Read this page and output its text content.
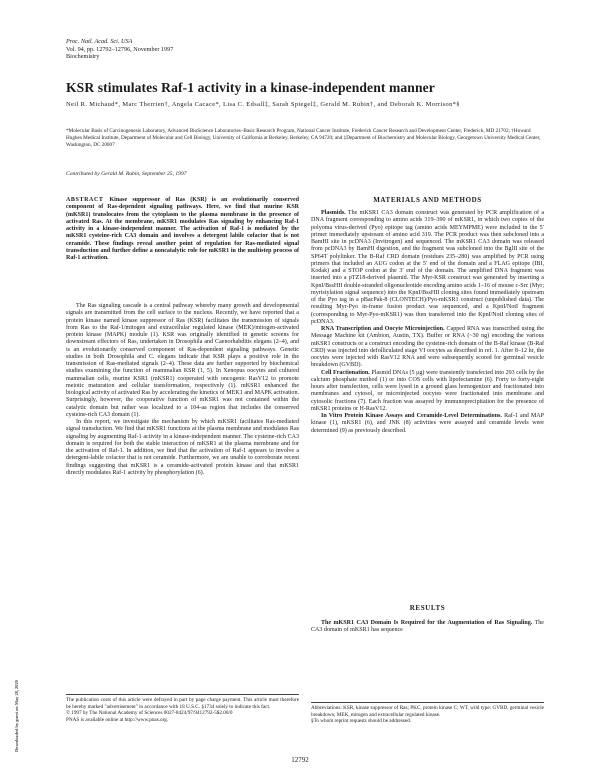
Proc. Natl. Acad. Sci. USA
Vol. 94, pp. 12792–12796, November 1997
Biochemistry
KSR stimulates Raf-1 activity in a kinase-independent manner
Neil R. Michaud*, Marc Therrien†, Angela Cacace*, Lisa C. Edsall‡, Sarah Spiegel‡, Gerald M. Rubin†, and Deborah K. Morrison*§
*Molecular Basis of Carcinogenesis Laboratory, Advanced BioScience Laboratories–Basic Research Program, National Cancer Institute, Frederick Cancer Research and Development Center, Frederick, MD 21702; †Howard Hughes Medical Institute, Department of Molecular and Cell Biology, University of California at Berkeley, Berkeley, CA 94720; and ‡Department of Biochemistry and Molecular Biology, Georgetown University Medical Center, Washington, DC 20007
Contributed by Gerald M. Rubin, September 25, 1997
ABSTRACT Kinase suppressor of Ras (KSR) is an evolutionarily conserved component of Ras-dependent signaling pathways. Here, we find that murine KSR (mKSR1) translocates from the cytoplasm to the plasma membrane in the presence of activated Ras. At the membrane, mKSR1 modulates Ras signaling by enhancing Raf-1 activity in a kinase-independent manner. The activation of Raf-1 is mediated by the mKSR1 cysteine-rich CA3 domain and involves a detergent labile cofactor that is not ceramide. These findings reveal another point of regulation for Ras-mediated signal transduction and further define a noncatalytic role for mKSR1 in the multistep process of Raf-1 activation.

The Ras signaling cascade is a central pathway whereby many growth and developmental signals are transmitted from the cell surface to the nucleus. Recently, we have reported that a protein kinase named kinase suppressor of Ras (KSR) facilitates the transmission of signals from Ras to the Raf-1/mitogen and extracellular regulated kinase (MEK)/mitogen-activated protein kinase (MAPK) module (1). KSR was originally identified in genetic screens for downstream effectors of Ras, undertaken in Drosophila and Caenorhabditis elegans (2–4), and is an evolutionarily conserved component of Ras-dependent signaling pathways. Genetic studies in both Drosophila and C. elegans indicate that KSR plays a positive role in the transmission of Ras-mediated signals (2–4). These data are further supported by biochemical studies examining the function of mammalian KSR (1, 5). In Xenopus oocytes and cultured mammalian cells, murine KSR1 (mKSR1) cooperated with oncogenic RasV12 to promote meiotic maturation and cellular transformation, respectively (1). mKSR1 enhanced the biological activity of activated Ras by accelerating the kinetics of MEK1 and MAPK activation. Surprisingly, however, the cooperative function of mKSR1 was not contained within the catalytic domain but rather was localized to a 104-aa region that includes the conserved cysteine-rich CA3 domain (1).

In this report, we investigate the mechanism by which mKSR1 facilitates Ras-mediated signal transduction. We find that mKSR1 functions at the plasma membrane and modulates Ras signaling by augmenting Raf-1 activity in a kinase-independent manner. The cysteine-rich CA3 domain is required for both the stable interaction of mKSR1 at the plasma membrane and for the activation of Raf-1. In addition, we find that the activation of Raf-1 appears to involve a detergent-labile cofactor that is not ceramide. Furthermore, we are unable to corroborate recent findings suggesting that mKSR1 is a ceramide-activated protein kinase and that mKSR1 directly modulates Raf-1 activity by phosphorylation (6).

The publication costs of this article were defrayed in part by page charge payment. This article must therefore be hereby marked "advertisement" in accordance with 18 U.S.C. §1734 solely to indicate this fact.

© 1997 by The National Academy of Sciences 0027-8424/97/9412792-5$2.00/0

PNAS is available online at http://www.pnas.org.

MATERIALS AND METHODS

Plasmids. The mKSR1 CA3 domain construct was generated by PCR amplification of a DNA fragment corresponding to amino acids 319–390 of mKSR1, in which two copies of the polyoma virus-derived (Pyo) epitope tag (amino acids MEYMPME) were included in the 5′ primer immediately upstream of amino acid 319. The PCR product was then subcloned into a BamHI site in pcDNA3 (Invitrogen) and sequenced. The mKSR1 CA3 domain was released from pcDNA3 by BamHI digestion, and the fragment was subcloned into the BglII site of the SP64T polylinker. The B-Raf CRD domain (residues 235–280) was amplified by PCR using primers that included an AUG codon at the 5′ end of the domain and a FLAG epitope (IBI, Kodak) and a STOP codon at the 3′ end of the domain. The amplified DNA fragment was inserted into a pTZ18-derived plasmid. The Myr-KSR construct was generated by inserting a KpnI/BssHII double-stranded oligonucleotide encoding amino acids 1–16 of mouse c-Src (Myr; myristylation signal sequence) into the KpnI/BssHII cloning sites found immediately upstream of the Pyo tag in a pBacPak-8 (CLONTECH)/Pyo-mKSR1 construct (unpublished data). The resulting Myr-Pyo in-frame fusion product was sequenced, and a KpnI/NotI fragment (corresponding to Myr-Pyo-mKSR1) was then transferred into the KpnI/NotI cloning sites of pcDNA3.

RNA Transcription and Oocyte Microinjection. Capped RNA was transcribed using the Message Machine kit (Ambion, Austin, TX). Buffer or RNA (~30 ng) encoding the various mKSR1 constructs or a construct encoding the cysteine-rich domain of the B-Raf kinase (B-Raf CRD) was injected into defolliculated stage VI oocytes as described in ref. 1. After 8–12 hr, the oocytes were injected with RasV12 RNA and were subsequently scored for germinal vesicle breakdown (GVBD).

Cell Fractionation. Plasmid DNAs (5 μg) were transiently transfected into 293 cells by the calcium phosphate method (1) or into COS cells with lipofectamine (6). Forty to forty-eight hours after transfection, cells were lysed in a ground glass homogenizer and fractionated into membranes and cytosol, or microinjected oocytes were fractionated into membrane and cytosolic fractions (7). Each fraction was assayed by immunoprecipitation for the presence of mKSR1 proteins or H-RasV12.

In Vitro Protein Kinase Assays and Ceramide-Level Determinations. Raf-1 and MAP kinase (1), mKSR1 (6), and JNK (8) activities were assayed and ceramide levels were determined (9) as previously described.

RESULTS
The mKSR1 CA3 Domain Is Required for the Augmentation of Ras Signaling. The CA3 domain of mKSR1 has sequence

Abbreviations: KSR, kinase suppressor of Ras; PKC, protein kinase C; WT, wild type; GVBD, germinal vesicle breakdown; MEK, mitogen and extracellular regulated kinase.

§To whom reprint requests should be addressed.

12792
Downloaded by guest on May 28, 2020
